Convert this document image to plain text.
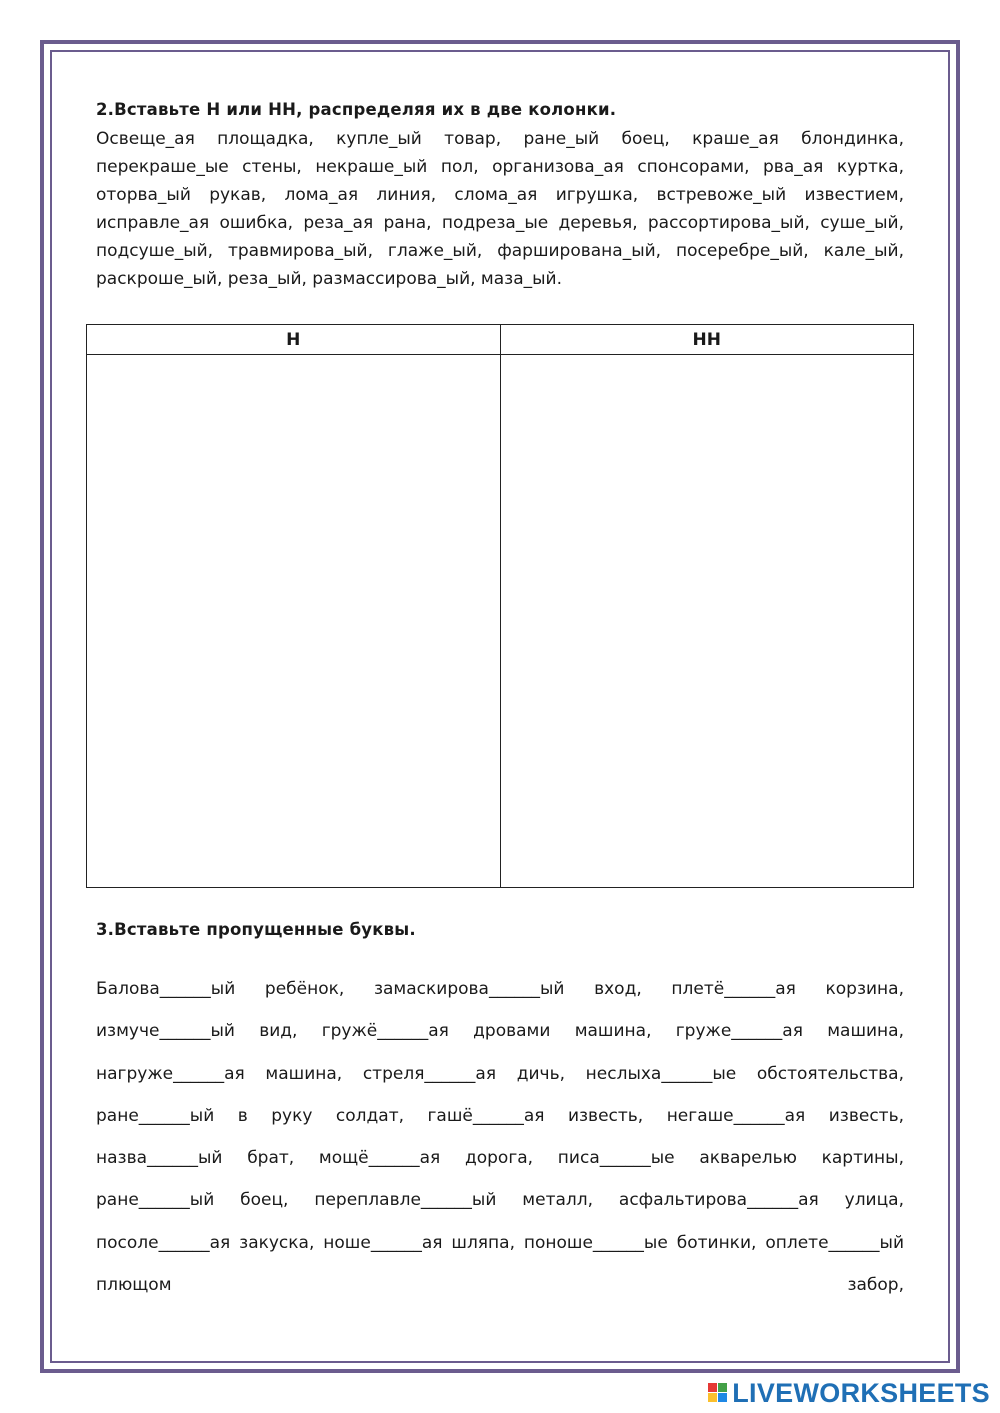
2.Вставьте Н или НН, распределяя их в две колонки.

Освеще_ая площадка, купле_ый товар, ране_ый боец, краше_ая блондинка, перекраше_ые стены, некраше_ый пол, организова_ая спонсорами, рва_ая куртка, оторва_ый рукав, лома_ая линия, слома_ая игрушка, встревоже_ый известием, исправле_ая ошибка, реза_ая рана, подреза_ые деревья, рассортирова_ый, суше_ый, подсуше_ый, травмирова_ый, глаже_ый, фаршированa_ый, посеребре_ый, кале_ый, раскроше_ый, реза_ый, размассирова_ый, маза_ый.

Н	НН

3.Вставьте пропущенные буквы.

Балова______ый ребёнок, замаскирова______ый вход, плетё______ая корзина, измуче______ый вид, гружё______ая дровами машина, груже______ая машина, нагруже______ая машина, стреля______ая дичь, неслыха______ые обстоятельства, ране______ый в руку солдат, гашё______ая известь, негаше______ая известь, назва______ый брат, мощё______ая дорога, писа______ые акварелью картины, ране______ый боец, переплавле______ый металл, асфальтирова______ая улица, посоле______ая закуска, ноше______ая шляпа, поноше______ые ботинки, оплете______ый плющом забор,

LIVEWORKSHEETS
